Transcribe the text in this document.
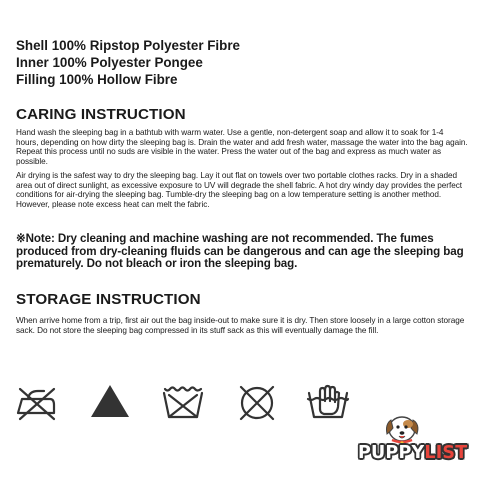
Shell 100% Ripstop Polyester Fibre
Inner 100% Polyester Pongee
Filling 100% Hollow Fibre
CARING INSTRUCTION
Hand wash the sleeping bag in a bathtub with warm water. Use a gentle, non-detergent soap and allow it to soak for 1-4 hours, depending on how dirty the sleeping bag is. Drain the water and add fresh water, massage the water into the bag again. Repeat this process until no suds are visible in the water. Press the water out of the bag and express as much water as possible.
Air drying is the safest way to dry the sleeping bag. Lay it out flat on towels over two portable clothes racks. Dry in a shaded area out of direct sunlight, as excessive exposure to UV will degrade the shell fabric. A hot dry windy day provides the perfect conditions for air-drying the sleeping bag. Tumble-dry the sleeping bag on a low temperature setting is another method. However, please note excess heat can melt the fabric.
※Note: Dry cleaning and machine washing are not recommended. The fumes produced from dry-cleaning fluids can be dangerous and can age the sleeping bag prematurely. Do not bleach or iron the sleeping bag.
STORAGE INSTRUCTION
When arrive home from a trip, first air out the bag inside-out to make sure it is dry. Then store loosely in a large cotton storage sack. Do not store the sleeping bag compressed in its stuff sack as this will eventually damage the fill.
PUPPYLIST
